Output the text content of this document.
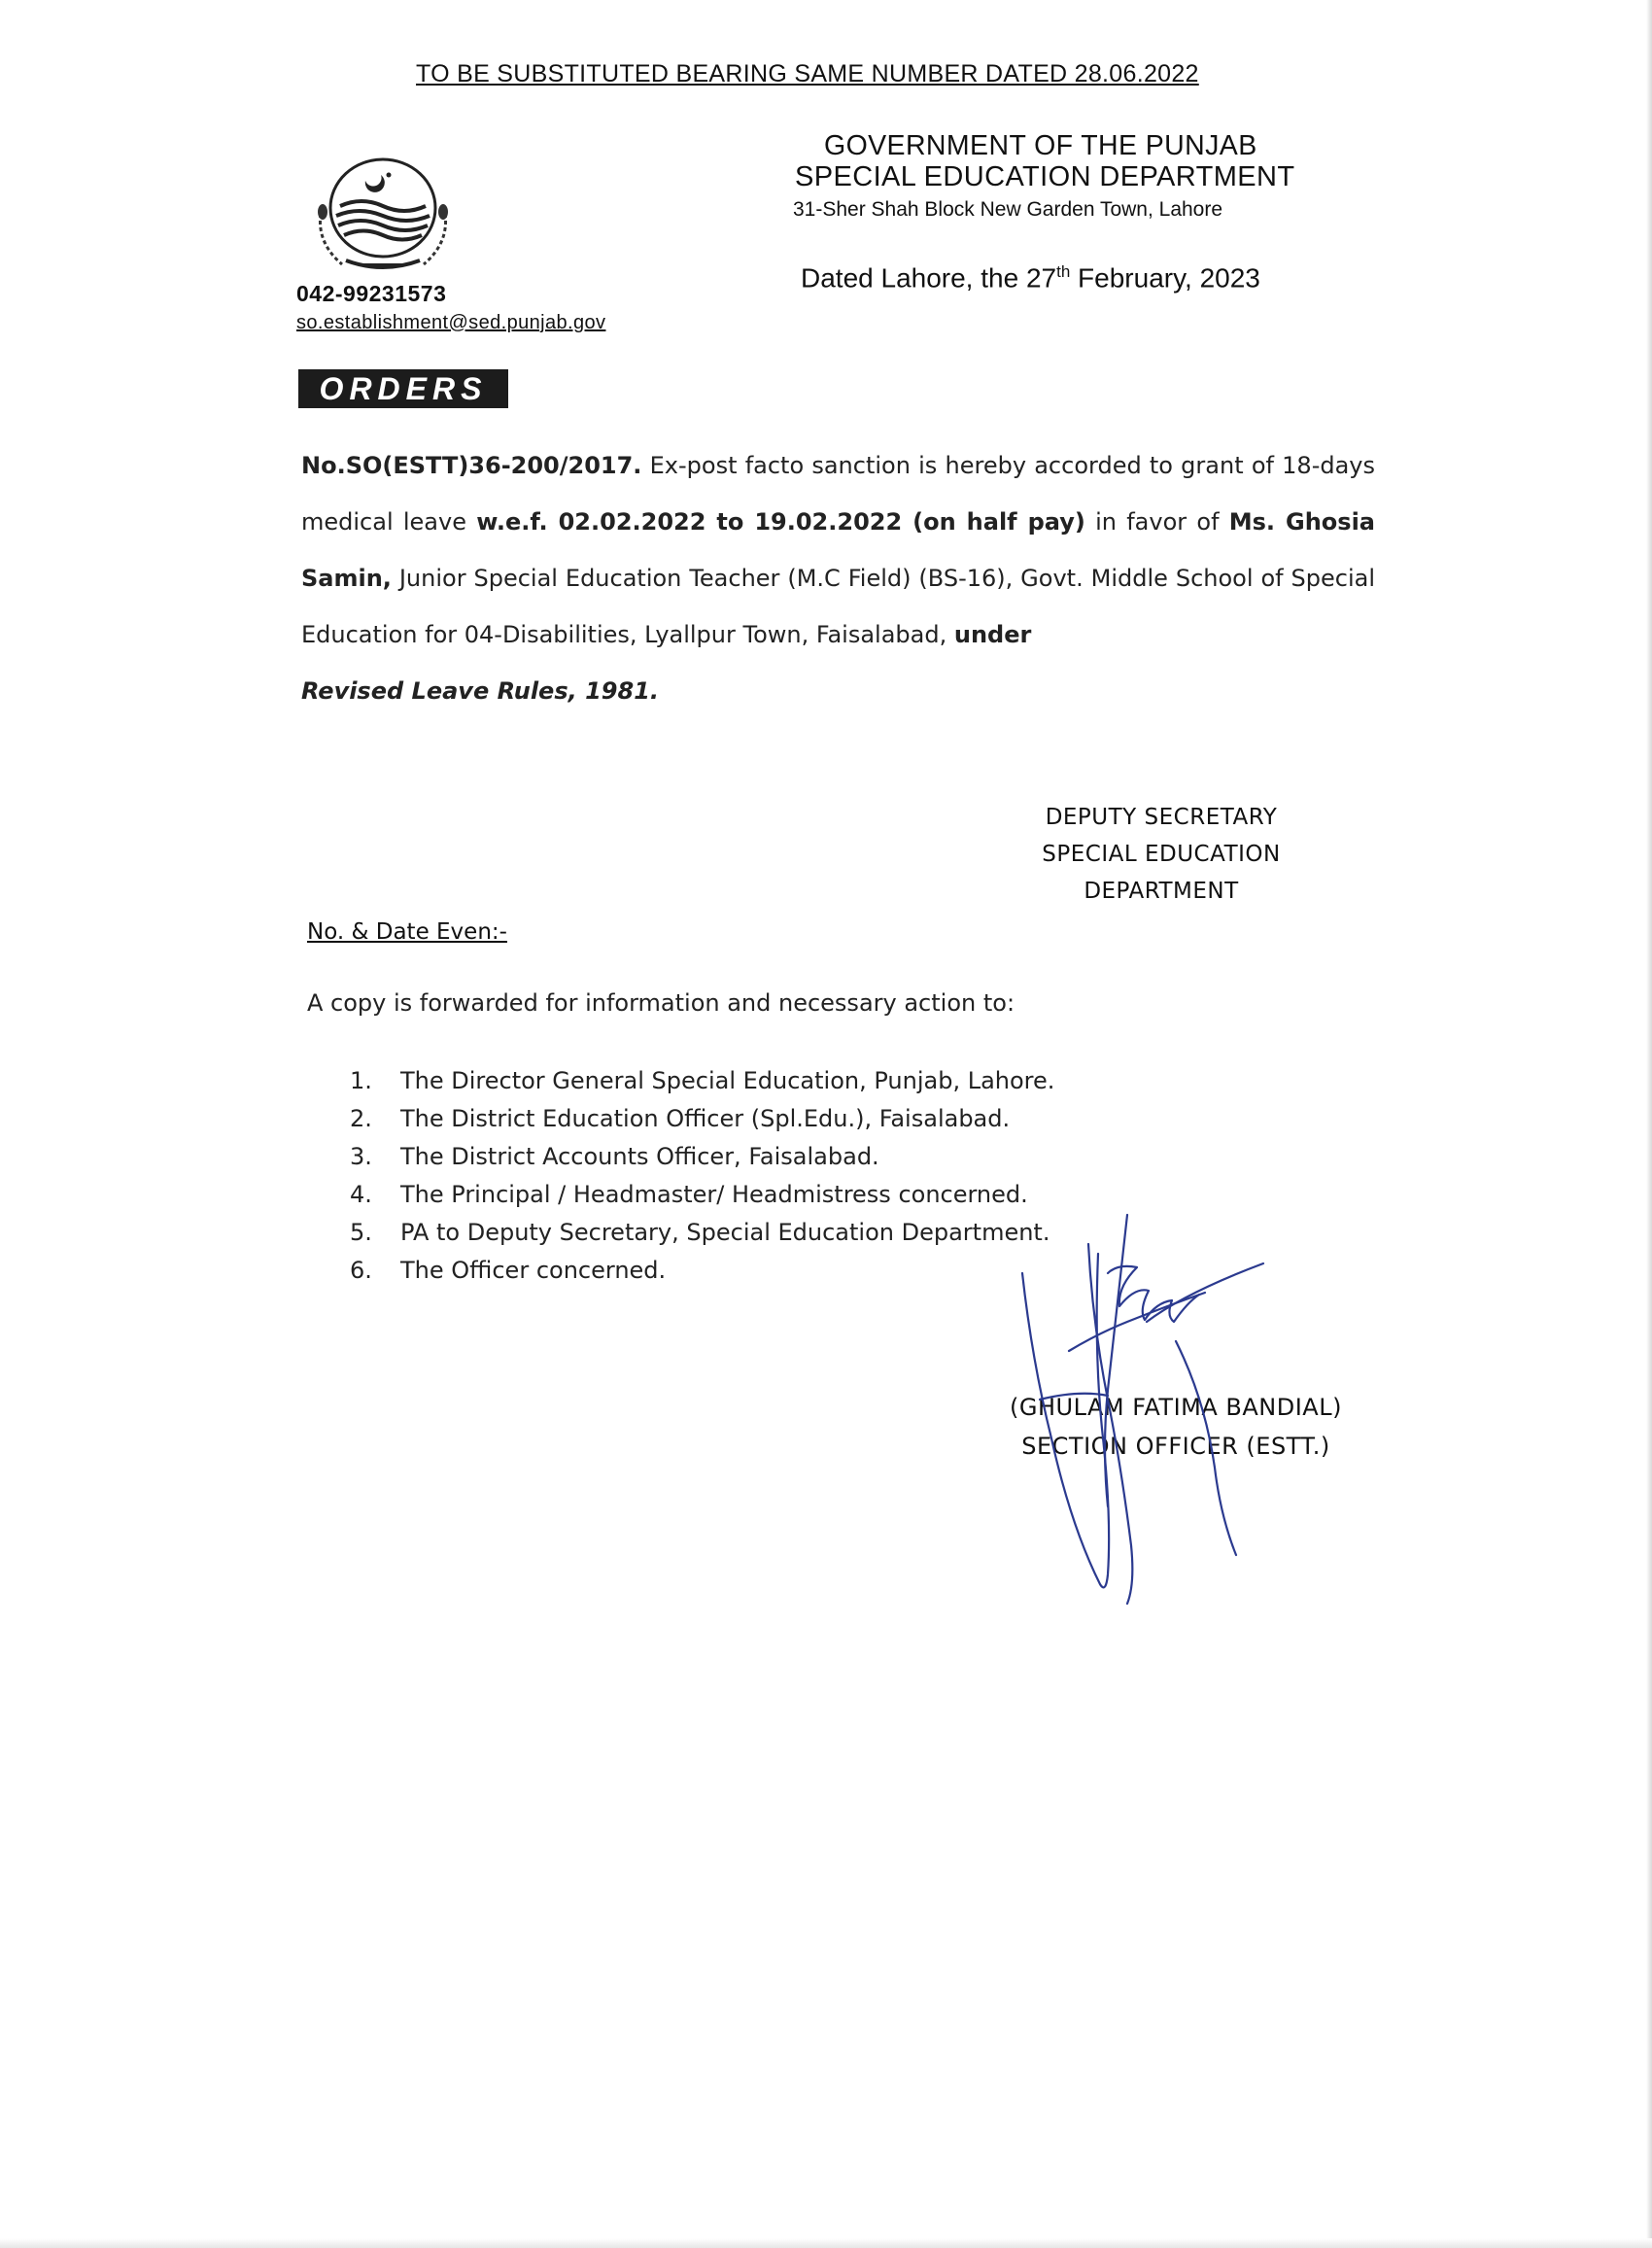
TO BE SUBSTITUTED BEARING SAME NUMBER DATED 28.06.2022
GOVERNMENT OF THE PUNJAB
SPECIAL EDUCATION DEPARTMENT
31-Sher Shah Block New Garden Town, Lahore
Dated Lahore, the 27th February, 2023
042-99231573
so.establishment@sed.punjab.gov
ORDERS
No.SO(ESTT)36-200/2017. Ex-post facto sanction is hereby accorded to grant of 18-days medical leave w.e.f. 02.02.2022 to 19.02.2022 (on half pay) in favor of Ms. Ghosia Samin, Junior Special Education Teacher (M.C Field) (BS-16), Govt. Middle School of Special Education for 04-Disabilities, Lyallpur Town, Faisalabad, under
Revised Leave Rules, 1981.
DEPUTY SECRETARY
SPECIAL EDUCATION
DEPARTMENT
No. & Date Even:-
A copy is forwarded for information and necessary action to:
1. The Director General Special Education, Punjab, Lahore.
2. The District Education Officer (Spl.Edu.), Faisalabad.
3. The District Accounts Officer, Faisalabad.
4. The Principal / Headmaster/ Headmistress concerned.
5. PA to Deputy Secretary, Special Education Department.
6. The Officer concerned.
(GHULAM FATIMA BANDIAL)
SECTION OFFICER (ESTT.)
